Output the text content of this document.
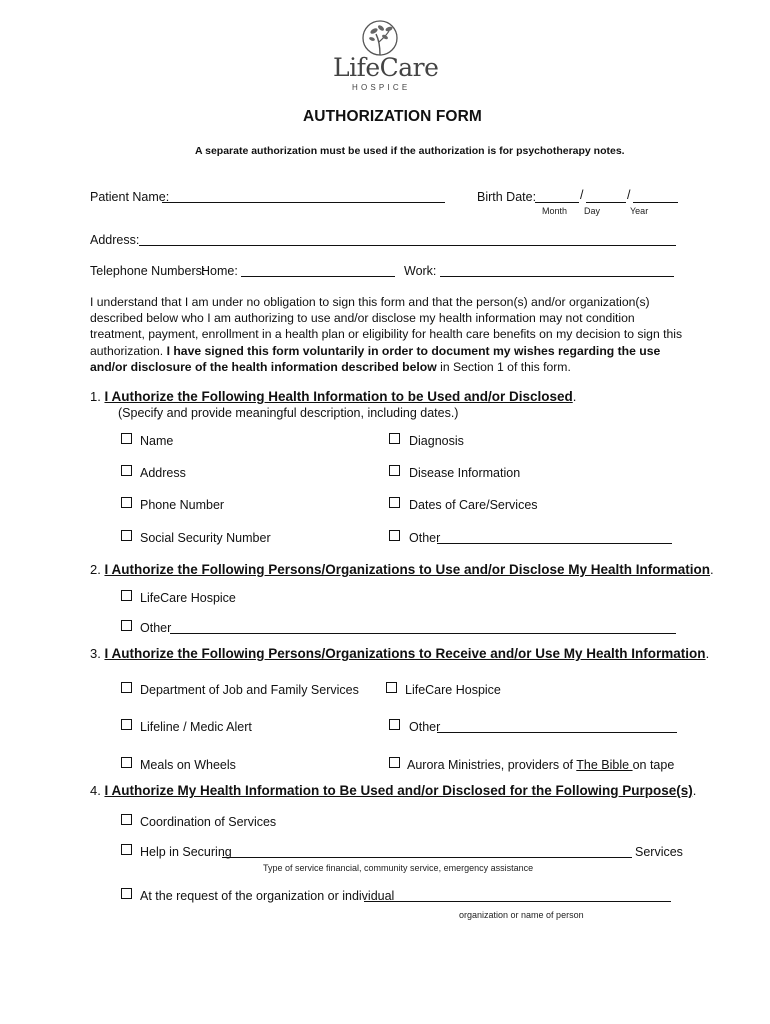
LifeCare
HOSPICE
AUTHORIZATION FORM
A separate authorization must be used if the authorization is for psychotherapy notes.
Patient Name:	Birth Date:	/	/
Month Day	Year
Address:
Telephone Numbers:
Home:	Work:
I understand that I am under no obligation to sign this form and that the person(s) and/or organization(s) described below who I am authorizing to use and/or disclose my health information may not condition treatment, payment, enrollment in a health plan or eligibility for health care benefits on my decision to sign this authorization. I have signed this form voluntarily in order to document my wishes regarding the use and/or disclosure of the health information described below in Section 1 of this form.
1. I Authorize the Following Health Information to be Used and/or Disclosed.
(Specify and provide meaningful description, including dates.)
Name
Address
Phone Number
Social Security Number
Diagnosis
Disease Information
Dates of Care/Services
Other
2. I Authorize the Following Persons/Organizations to Use and/or Disclose My Health Information.
LifeCare Hospice
Other
3. I Authorize the Following Persons/Organizations to Receive and/or Use My Health Information.
Department of Job and Family Services
Lifeline / Medic Alert
Meals on Wheels
LifeCare Hospice
Other
Aurora Ministries, providers of The Bible on tape
4. I Authorize My Health Information to Be Used and/or Disclosed for the Following Purpose(s).
Coordination of Services
Help in Securing	Services
Type of service financial, community service, emergency assistance
At the request of the organization or individual
organization or name of person
